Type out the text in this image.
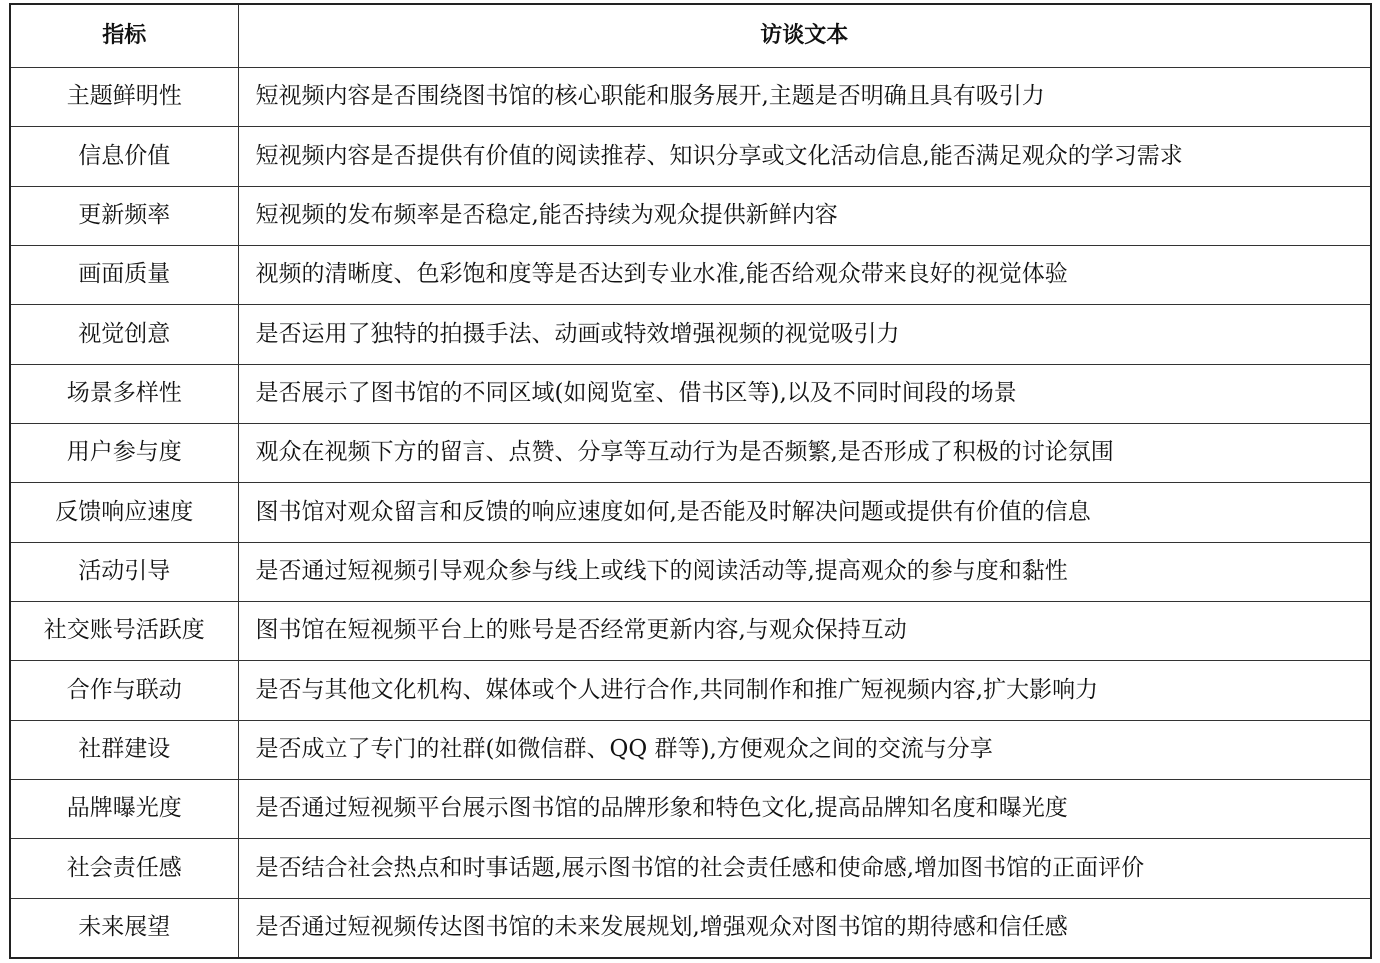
指标	访谈文本
主题鲜明性	短视频内容是否围绕图书馆的核心职能和服务展开,主题是否明确且具有吸引力
信息价值	短视频内容是否提供有价值的阅读推荐、知识分享或文化活动信息,能否满足观众的学习需求
更新频率	短视频的发布频率是否稳定,能否持续为观众提供新鲜内容
画面质量	视频的清晰度、色彩饱和度等是否达到专业水准,能否给观众带来良好的视觉体验
视觉创意	是否运用了独特的拍摄手法、动画或特效增强视频的视觉吸引力
场景多样性	是否展示了图书馆的不同区域(如阅览室、借书区等),以及不同时间段的场景
用户参与度	观众在视频下方的留言、点赞、分享等互动行为是否频繁,是否形成了积极的讨论氛围
反馈响应速度	图书馆对观众留言和反馈的响应速度如何,是否能及时解决问题或提供有价值的信息
活动引导	是否通过短视频引导观众参与线上或线下的阅读活动等,提高观众的参与度和黏性
社交账号活跃度	图书馆在短视频平台上的账号是否经常更新内容,与观众保持互动
合作与联动	是否与其他文化机构、媒体或个人进行合作,共同制作和推广短视频内容,扩大影响力
社群建设	是否成立了专门的社群(如微信群、QQ 群等),方便观众之间的交流与分享
品牌曝光度	是否通过短视频平台展示图书馆的品牌形象和特色文化,提高品牌知名度和曝光度
社会责任感	是否结合社会热点和时事话题,展示图书馆的社会责任感和使命感,增加图书馆的正面评价
未来展望	是否通过短视频传达图书馆的未来发展规划,增强观众对图书馆的期待感和信任感
